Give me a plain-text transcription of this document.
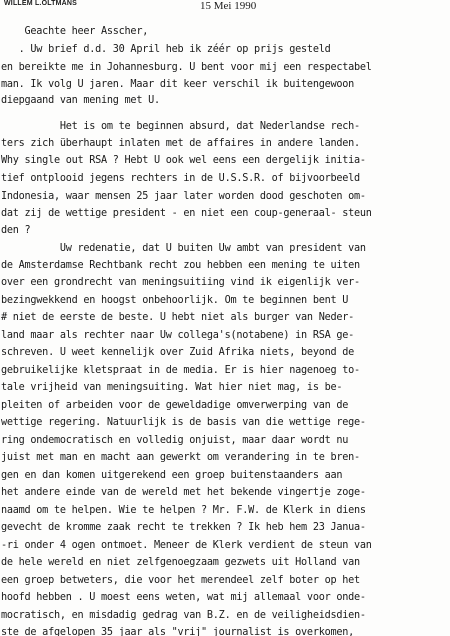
WILLEM L.OLTMANS	15 Mei 1990
Geachte heer Asscher,
. Uw brief d.d. 30 April heb ik zéér op prijs gesteld
en bereikte me in Johannesburg. U bent voor mij een respectabel
man. Ik volg U jaren. Maar dit keer verschil ik buitengewoon
diepgaand van mening met U.
Het is om te beginnen absurd, dat Nederlandse rech-
ters zich überhaupt inlaten met de affaires in andere landen.
Why single out RSA ? Hebt U ook wel eens een dergelijk initia-
tief ontplooid jegens rechters in de U.S.S.R. of bijvoorbeeld
Indonesia, waar mensen 25 jaar later worden dood geschoten om-
dat zij de wettige president - en niet een coup-generaal- steun
den ?
Uw redenatie, dat U buiten Uw ambt van president van
de Amsterdamse Rechtbank recht zou hebben een mening te uiten
over een grondrecht van meningsuitiing vind ik eigenlijk ver-
bezingwekkend en hoogst onbehoorlijk. Om te beginnen bent U
# niet de eerste de beste. U hebt niet als burger van Neder-
land maar als rechter naar Uw collega's(notabene) in RSA ge-
schreven. U weet kennelijk over Zuid Afrika niets, beyond de
gebruikelijke kletspraat in de media. Er is hier nagenoeg to-
tale vrijheid van meningsuiting. Wat hier niet mag, is be-
pleiten of arbeiden voor de geweldadige omverwerping van de
wettige regering. Natuurlijk is de basis van die wettige rege-
ring ondemocratisch en volledig onjuist, maar daar wordt nu
juist met man en macht aan gewerkt om verandering in te bren-
gen en dan komen uitgerekend een groep buitenstaanders aan
het andere einde van de wereld met het bekende vingertje zoge-
naamd om te helpen. Wie te helpen ? Mr. F.W. de Klerk in diens
gevecht de kromme zaak recht te trekken ? Ik heb hem 23 Janua-
-ri onder 4 ogen ontmoet. Meneer de Klerk verdient de steun van
de hele wereld en niet zelfgenoegzaam gezwets uit Holland van
een groep betweters, die voor het merendeel zelf boter op het
hoofd hebben . U moest eens weten, wat mij allemaal voor onde-
mocratisch, en misdadig gedrag van B.Z. en de veiligheidsdien-
ste de afgelopen 35 jaar als "vrij" journalist is overkomen,
